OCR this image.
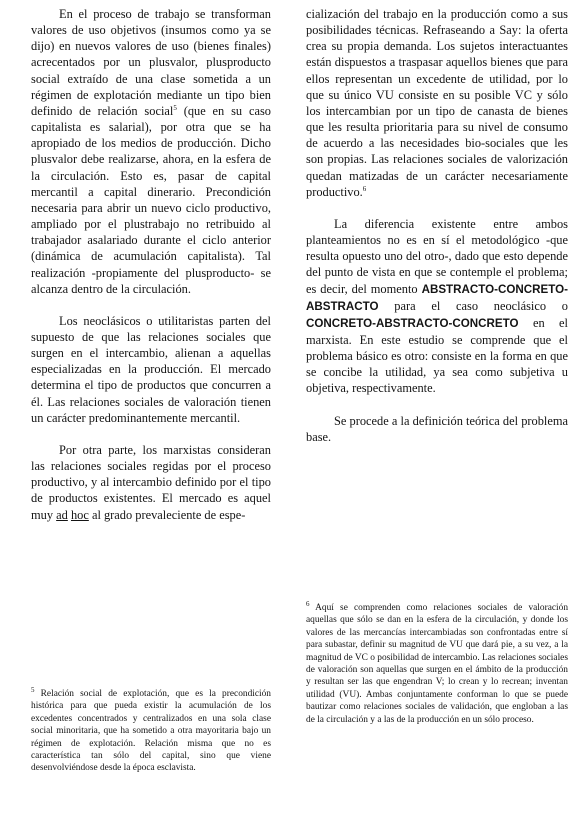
En el proceso de trabajo se transforman valores de uso objetivos (insumos como ya se dijo) en nuevos valores de uso (bienes finales) acrecentados por un plusvalor, plusproducto social extraído de una clase sometida a un régimen de explotación mediante un tipo bien definido de relación social$^5$ (que en su caso capitalista es salarial), por otra que se ha apropiado de los medios de producción. Dicho plusvalor debe realizarse, ahora, en la esfera de la circulación. Esto es, pasar de capital mercantil a capital dinerario. Precondición necesaria para abrir un nuevo ciclo productivo, ampliado por el plustrabajo no retribuido al trabajador asalariado durante el ciclo anterior (dinámica de acumulación capitalista). Tal realización -propiamente del plusproducto- se alcanza dentro de la circulación.

Los neoclásicos o utilitaristas parten del supuesto de que las relaciones sociales que surgen en el intercambio, alienan a aquellas especializadas en la producción. El mercado determina el tipo de productos que concurren a él. Las relaciones sociales de valoración tienen un carácter predominantemente mercantil.

Por otra parte, los marxistas consideran las relaciones sociales regidas por el proceso productivo, y al intercambio definido por el tipo de productos existentes. El mercado es aquel muy ad hoc al grado prevaleciente de espe-

cialización del trabajo en la producción como a sus posibilidades técnicas. Refraseando a Say: la oferta crea su propia demanda. Los sujetos interactuantes están dispuestos a traspasar aquellos bienes que para ellos representan un excedente de utilidad, por lo que su único VU consiste en su posible VC y sólo los intercambian por un tipo de canasta de bienes que les resulta prioritaria para su nivel de consumo de acuerdo a las necesidades bio-sociales que les son propias. Las relaciones sociales de valorización quedan matizadas de un carácter necesariamente productivo.$^6$

La diferencia existente entre ambos planteamientos no es en sí el metodológico -que resulta opuesto uno del otro-, dado que esto depende del punto de vista en que se contemple el problema; es decir, del momento ABSTRACTO-CONCRETO-ABSTRACTO para el caso neoclásico o CONCRETO-ABSTRACTO-CONCRETO en el marxista. En este estudio se comprende que el problema básico es otro: consiste en la forma en que se concibe la utilidad, ya sea como subjetiva u objetiva, respectivamente.

Se procede a la definición teórica del problema base.

$^5$ Relación social de explotación, que es la precondición histórica para que pueda existir la acumulación de los excedentes concentrados y centralizados en una sola clase social minoritaria, que ha sometido a otra mayoritaria bajo un régimen de explotación. Relación misma que no es característica tan sólo del capital, sino que viene desenvolviéndose desde la época esclavista.

$^6$ Aquí se comprenden como relaciones sociales de valoración aquellas que sólo se dan en la esfera de la circulación, y donde los valores de las mercancías intercambiadas son confrontadas entre sí para subastar, definir su magnitud de VU que dará pie, a su vez, a la magnitud de VC o posibilidad de intercambio. Las relaciones sociales de valoración son aquellas que surgen en el ámbito de la producción y resultan ser las que engendran V; lo crean y lo recrean; inventan utilidad (VU). Ambas conjuntamente conforman lo que se puede bautizar como relaciones sociales de validación, que engloban a las de la circulación y a las de la producción en un sólo proceso.
